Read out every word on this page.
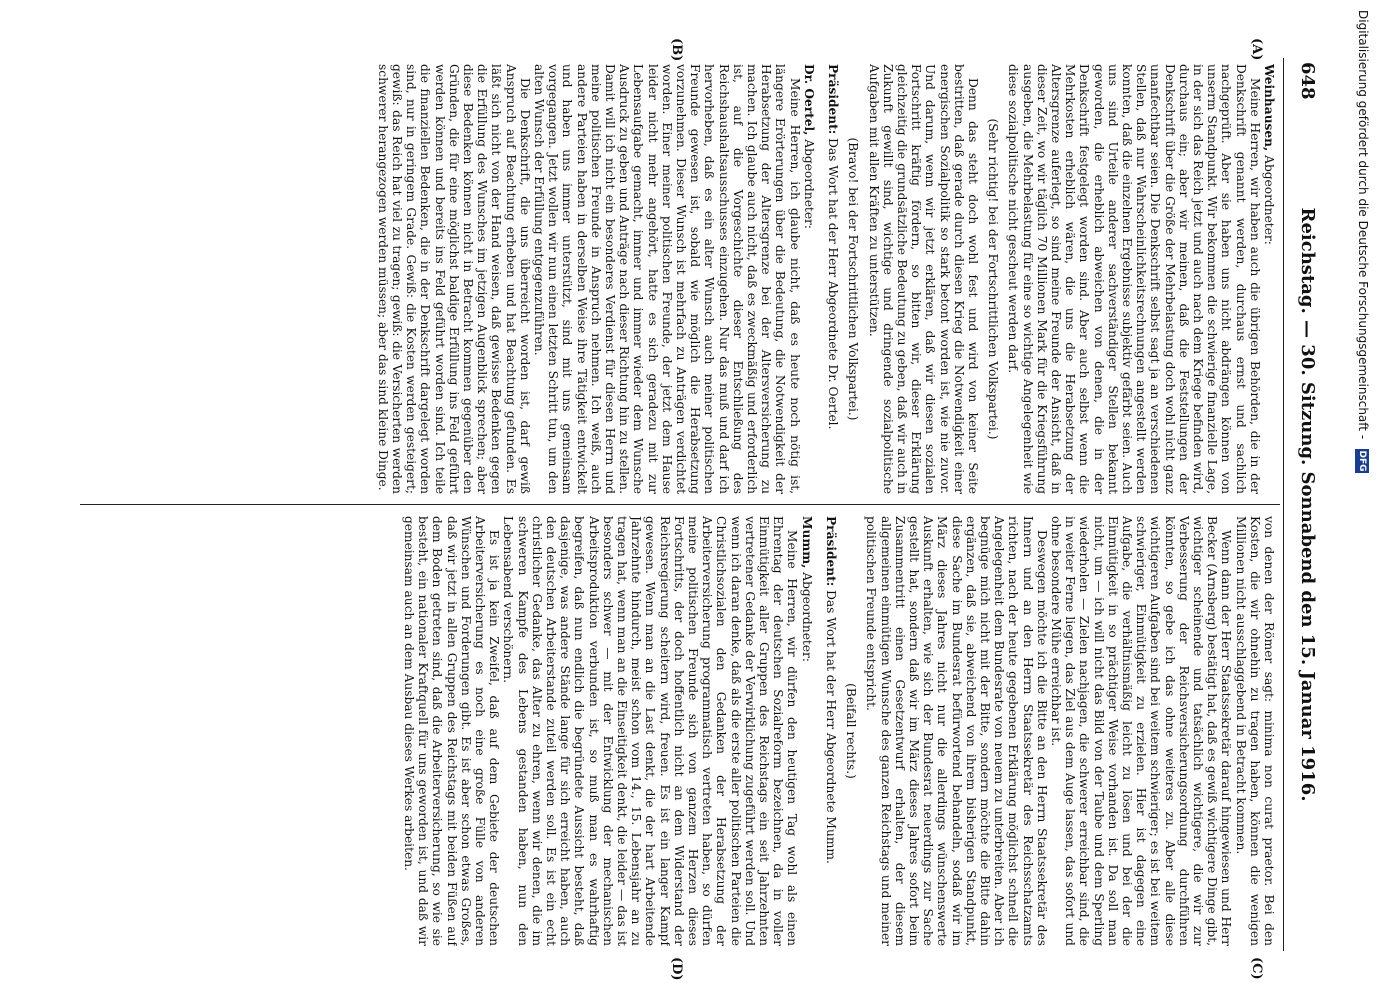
648
Reichstag. — 30. Sitzung. Sonnabend den 15. Januar 1916.
(A)
(B)
(C)
(D)

Weinhausen, Abgeordneter:

Meine Herren, wir haben auch die übrigen Behörden, die in der Denkschrift genannt werden, durchaus ernst und sachlich nachgeprüft. Aber sie haben uns nicht abdrängen können von unserm Standpunkt. Wir bekommen die schwierige finanzielle Lage, in der sich das Reich jetzt und auch nach dem Kriege befinden wird, durchaus ein; aber wir meinen, daß die Feststellungen der Denkschrift über die Größe der Mehrbelastung doch wohl nicht ganz unanfechtbar seien. Die Denkschrift selbst sagt ja an verschiedenen Stellen, daß nur Wahrscheinlichkeitsrechnungen angestellt werden konnten, daß die einzelnen Ergebnisse subjektiv gefärbt seien. Auch uns sind Urteile anderer sachverständiger Stellen bekannt geworden, die erheblich abweichen von denen, die in der Denkschrift festgelegt worden sind. Aber auch selbst wenn die Mehrkosten erheblich wären, die uns die Herabsetzung der Altersgrenze auferlegt, so sind meine Freunde der Ansicht, daß in dieser Zeit, wo wir täglich 70 Millionen Mark für die Kriegsführung ausgeben, die Mehrbelastung für eine so wichtige Angelegenheit wie diese sozialpolitische nicht gescheut werden darf.

(Sehr richtig! bei der Fortschrittlichen Volkspartei.)

Denn das steht doch wohl fest und wird von keiner Seite bestritten, daß gerade durch diesen Krieg die Notwendigkeit einer energischen Sozialpolitik so stark betont worden ist, wie nie zuvor. Und darum, wenn wir jetzt erklären, daß wir diesen sozialen Fortschritt kräftig fördern, so bitten wir, dieser Erklärung gleichzeitig die grundsätzliche Bedeutung zu geben, daß wir auch in Zukunft gewillt sind, wichtige und dringende sozialpolitische Aufgaben mit allen Kräften zu unterstützen.

(Bravo! bei der Fortschrittlichen Volkspartei.)

Präsident: Das Wort hat der Herr Abgeordnete Dr. Oertel.

Dr. Oertel, Abgeordneter:

Meine Herren, ich glaube nicht, daß es heute noch nötig ist, längere Erörterungen über die Bedeutung, die Notwendigkeit der Herabsetzung der Altersgrenze bei der Altersversicherung zu machen. Ich glaube auch nicht, daß es zweckmäßig und erforderlich ist, auf die Vorgeschichte dieser Entschließung des Reichshaushaltsausschusses einzugehen. Nur das muß und darf ich hervorheben, daß es ein alter Wunsch auch meiner politischen Freunde gewesen ist, sobald wie möglich die Herabsetzung vorzunehmen. Dieser Wunsch ist mehrfach zu Anträgen verdichtet worden. Einer meiner politischen Freunde, der jetzt dem Hause leider nicht mehr angehört, hatte es sich geradezu mit zur Lebensaufgabe gemacht, immer und immer wieder dem Wunsche Ausdruck zu geben und Anträge nach dieser Richtung hin zu stellen. Damit will ich nicht ein besonderes Verdienst für diesen Herrn und meine politischen Freunde in Anspruch nehmen. Ich weiß, auch andere Parteien haben in derselben Weise ihre Tätigkeit entwickelt und haben uns immer unterstützt, sind mit uns gemeinsam vorgegangen. Jetzt wollen wir nun einen letzten Schritt tun, um den alten Wunsch der Erfüllung entgegenzuführen.

Die Denkschrift, die uns überreicht worden ist, darf gewiß Anspruch auf Beachtung erheben und hat Beachtung gefunden. Es läßt sich nicht von der Hand weisen, daß gewisse Bedenken gegen die Erfüllung des Wunsches im jetzigen Augenblick sprechen; aber diese Bedenken können nicht in Betracht kommen gegenüber den Gründen, die für eine möglichst baldige Erfüllung ins Feld geführt werden können und bereits ins Feld geführt worden sind. Ich teile die finanziellen Bedenken, die in der Denkschrift dargelegt worden sind, nur in geringem Grade. Gewiß: die Kosten werden gesteigert; gewiß: das Reich hat viel zu tragen; gewiß: die Versicherten werden schwerer herangezogen werden müssen; aber das sind kleine Dinge.

von denen der Römer sagt: minima non curat praetor. Bei den Kosten, die wir ohnehin zu tragen haben, können die wenigen Millionen nicht ausschlaggebend in Betracht kommen.

Wenn dann der Herr Staatssekretär darauf hingewiesen und Herr Becker (Arnsberg) bestätigt hat, daß es gewiß wichtigere Dinge gibt, wichtiger scheinende und tatsächlich wichtigere, die wir zur Verbesserung der Reichsversicherungsordnung durchführen könnten, so gebe ich das ohne weiteres zu. Aber alle diese wichtigeren Aufgaben sind bei weitem schwieriger; es ist bei weitem schwieriger, Einmütigkeit zu erzielen. Hier ist dagegen eine Aufgabe, die verhältnismäßig leicht zu lösen und bei der die Einmütigkeit in so prächtiger Weise vorhanden ist. Da soll man nicht, um — ich will nicht das Bild von der Taube und dem Sperling wiederholen — Zielen nachjagen, die schwerer erreichbar sind, die in weiter Ferne liegen, das Ziel aus dem Auge lassen, das sofort und ohne besondere Mühe erreichbar ist.

Deswegen möchte ich die Bitte an den Herrn Staatssekretär des Innern und an den Herrn Staatssekretär des Reichsschatzamts richten, nach der heute gegebenen Erklärung möglichst schnell die Angelegenheit dem Bundesrate von neuem zu unterbreiten. Aber ich begnüge mich nicht mit der Bitte, sondern möchte die Bitte dahin ergänzen, daß sie, abweichend von ihrem bisherigen Standpunkt, diese Sache im Bundesrat befürwortend behandeln, sodaß wir im März dieses Jahres nicht nur die allerdings wünschenswerte Auskunft erhalten, wie sich der Bundesrat neuerdings zur Sache gestellt hat, sondern daß wir im März dieses Jahres sofort beim Zusammentritt einen Gesetzentwurf erhalten, der diesem allgemeinen einmütigen Wunsche des ganzen Reichstags und meiner politischen Freunde entspricht.

(Beifall rechts.)

Präsident: Das Wort hat der Herr Abgeordnete Mumm.

Mumm, Abgeordneter:

Meine Herren, wir dürfen den heutigen Tag wohl als einen Ehrentag der deutschen Sozialreform bezeichnen, da in voller Einmütigkeit aller Gruppen des Reichstags ein seit Jahrzehnten vertretener Gedanke der Verwirklichung zugeführt werden soll. Und wenn ich daran denke, daß als die erste aller politischen Parteien die Christlichsozialen den Gedanken der Herabsetzung der Arbeiterversicherung programmatisch vertreten haben, so dürfen meine politischen Freunde sich von ganzem Herzen dieses Fortschritts, der doch hoffentlich nicht an dem Widerstand der Reichsregierung scheitern wird, freuen. Es ist ein langer Kampf gewesen. Wenn man an die Last denkt, die der hart Arbeitende Jahrzehnte hindurch, meist schon vom 14., 15. Lebensjahr an zu tragen hat, wenn man an die Einseitigkeit denkt, die leider — das ist besonders schwer — mit der Entwicklung der mechanischen Arbeitsproduktion verbunden ist, so muß man es wahrhaftig begreifen, daß nun endlich die begründete Aussicht besteht, daß dasjenige, was andere Stände lange für sich erreicht haben, auch den deutschen Arbeiterstande zuteil werden soll. Es ist ein echt christlicher Gedanke, das Alter zu ehren, wenn wir denen, die im schweren Kampfe des Lebens gestanden haben, nun den Lebensabend verschönern.

Es ist ja kein Zweifel, daß auf dem Gebiete der deutschen Arbeiterversicherung es noch eine große Fülle von anderen Wünschen und Forderungen gibt. Es ist aber schon etwas Großes, daß wir jetzt in allen Gruppen des Reichstags mit beiden Füßen auf dem Boden getreten sind, daß die Arbeiterversicherung, so wie sie besteht, ein nationaler Kraftquell für uns geworden ist, und daß wir gemeinsam auch an dem Ausbau dieses Werkes arbeiten.

Digitalisierung gefördert durch die Deutsche Forschungsgemeinschaft - DFG
